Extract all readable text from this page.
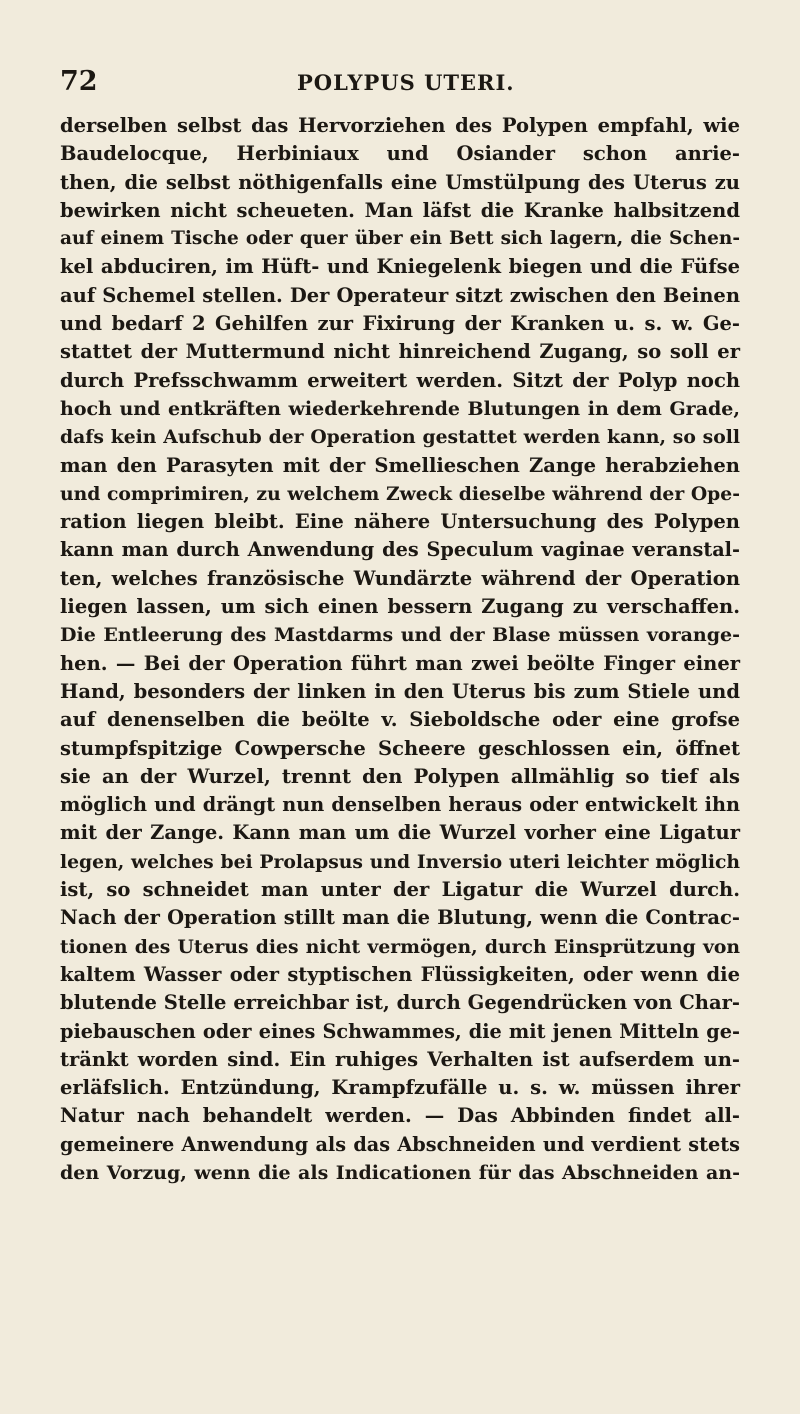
72	POLYPUS UTERI.
derselben selbst das Hervorziehen des Polypen empfahl, wie
Baudelocque, Herbiniaux und Osiander schon anrie-
then, die selbst nöthigenfalls eine Umstülpung des Uterus zu
bewirken nicht scheueten. Man läfst die Kranke halbsitzend
auf einem Tische oder quer über ein Bett sich lagern, die Schen-
kel abduciren, im Hüft- und Kniegelenk biegen und die Füfse
auf Schemel stellen. Der Operateur sitzt zwischen den Beinen
und bedarf 2 Gehilfen zur Fixirung der Kranken u. s. w. Ge-
stattet der Muttermund nicht hinreichend Zugang, so soll er
durch Prefsschwamm erweitert werden. Sitzt der Polyp noch
hoch und entkräften wiederkehrende Blutungen in dem Grade,
dafs kein Aufschub der Operation gestattet werden kann, so soll
man den Parasyten mit der Smellieschen Zange herabziehen
und comprimiren, zu welchem Zweck dieselbe während der Ope-
ration liegen bleibt. Eine nähere Untersuchung des Polypen
kann man durch Anwendung des Speculum vaginae veranstal-
ten, welches französische Wundärzte während der Operation
liegen lassen, um sich einen bessern Zugang zu verschaffen.
Die Entleerung des Mastdarms und der Blase müssen vorange-
hen. — Bei der Operation führt man zwei beölte Finger einer
Hand, besonders der linken in den Uterus bis zum Stiele und
auf denenselben die beölte v. Sieboldsche oder eine grofse
stumpfspitzige Cowpersche Scheere geschlossen ein, öffnet
sie an der Wurzel, trennt den Polypen allmählig so tief als
möglich und drängt nun denselben heraus oder entwickelt ihn
mit der Zange. Kann man um die Wurzel vorher eine Ligatur
legen, welches bei Prolapsus und Inversio uteri leichter möglich
ist, so schneidet man unter der Ligatur die Wurzel durch.
Nach der Operation stillt man die Blutung, wenn die Contrac-
tionen des Uterus dies nicht vermögen, durch Einsprützung von
kaltem Wasser oder styptischen Flüssigkeiten, oder wenn die
blutende Stelle erreichbar ist, durch Gegendrücken von Char-
piebauschen oder eines Schwammes, die mit jenen Mitteln ge-
tränkt worden sind. Ein ruhiges Verhalten ist aufserdem un-
erläfslich. Entzündung, Krampfzufälle u. s. w. müssen ihrer
Natur nach behandelt werden. — Das Abbinden findet all-
gemeinere Anwendung als das Abschneiden und verdient stets
den Vorzug, wenn die als Indicationen für das Abschneiden an-
